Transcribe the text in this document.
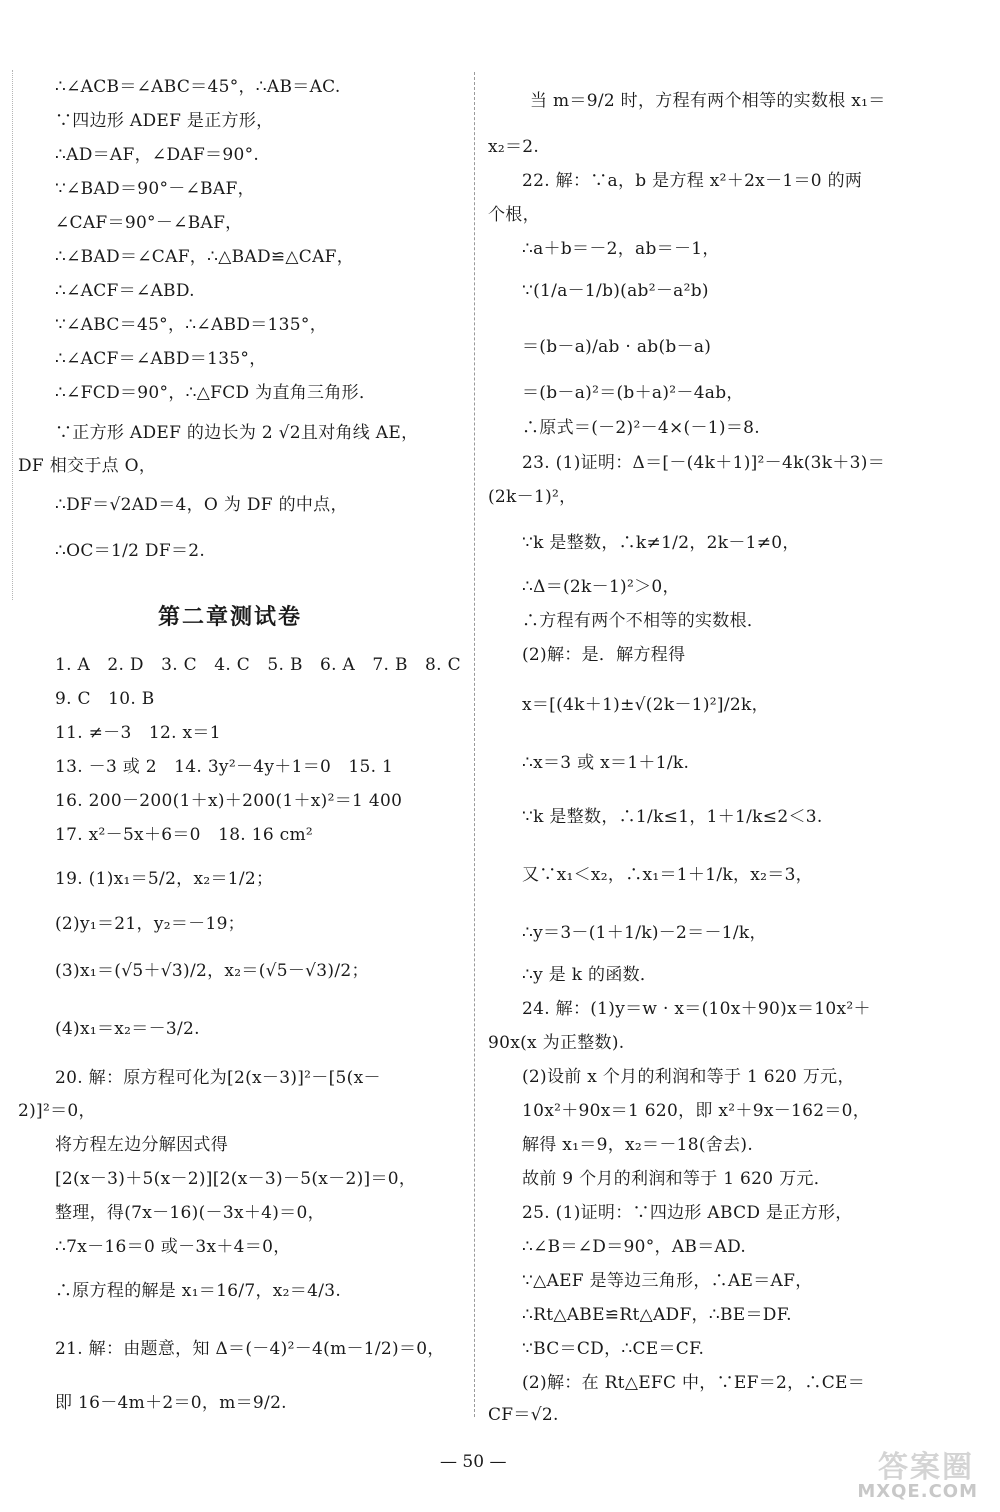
∴∠ACB＝∠ABC＝45°，∴AB＝AC.
∵四边形 ADEF 是正方形，
∴AD＝AF，∠DAF＝90°.
∵∠BAD＝90°－∠BAF，
∠CAF＝90°－∠BAF，
∴∠BAD＝∠CAF，∴△BAD≌△CAF，
∴∠ACF＝∠ABD.
∵∠ABC＝45°，∴∠ABD＝135°，
∴∠ACF＝∠ABD＝135°，
∴∠FCD＝90°，∴△FCD 为直角三角形．
∵正方形 ADEF 的边长为 2 √2且对角线 AE，
DF 相交于点 O，
∴DF＝√2AD＝4，O 为 DF 的中点，
∴OC＝1/2 DF＝2.
第二章测试卷
1. A　2. D　3. C　4. C　5. B　6. A　7. B　8. C
9. C　10. B
11. ≠－3　12. x＝1
13. －3 或 2　14. 3y²－4y＋1＝0　15. 1
16. 200－200(1＋x)＋200(1＋x)²＝1 400
17. x²－5x＋6＝0　18. 16 cm²
19. (1)x₁＝5/2，x₂＝1/2；
(2)y₁＝21，y₂＝－19；
(3)x₁＝(√5＋√3)/2，x₂＝(√5－√3)/2；
(4)x₁＝x₂＝－3/2.
20. 解：原方程可化为[2(x－3)]²－[5(x－
2)]²＝0，
将方程左边分解因式得
[2(x－3)＋5(x－2)][2(x－3)－5(x－2)]＝0，
整理，得(7x－16)(－3x＋4)＝0，
∴7x－16＝0 或－3x＋4＝0，
∴原方程的解是 x₁＝16/7，x₂＝4/3.
21. 解：由题意，知 Δ＝(－4)²－4(m－1/2)＝0，
即 16－4m＋2＝0，m＝9/2.
当 m＝9/2 时，方程有两个相等的实数根 x₁＝
x₂＝2.
22. 解：∵a，b 是方程 x²＋2x－1＝0 的两
个根，
∴a＋b＝－2，ab＝－1，
∵(1/a－1/b)(ab²－a²b)
＝(b－a)/ab · ab(b－a)
＝(b－a)²＝(b＋a)²－4ab，
∴原式＝(－2)²－4×(－1)＝8.
23. (1)证明：Δ＝[－(4k＋1)]²－4k(3k＋3)＝
(2k－1)²，
∵k 是整数，∴k≠1/2，2k－1≠0，
∴Δ＝(2k－1)²＞0，
∴方程有两个不相等的实数根．
(2)解：是．解方程得
x＝[(4k＋1)±√(2k－1)²]/2k，
∴x＝3 或 x＝1＋1/k.
∵k 是整数，∴1/k≤1，1＋1/k≤2＜3.
又∵x₁＜x₂，∴x₁＝1＋1/k，x₂＝3，
∴y＝3－(1＋1/k)－2＝－1/k，
∴y 是 k 的函数．
24. 解：(1)y＝w · x＝(10x＋90)x＝10x²＋
90x(x 为正整数).
(2)设前 x 个月的利润和等于 1 620 万元，
10x²＋90x＝1 620，即 x²＋9x－162＝0，
解得 x₁＝9，x₂＝－18(舍去).
故前 9 个月的利润和等于 1 620 万元．
25. (1)证明：∵四边形 ABCD 是正方形，
∴∠B＝∠D＝90°，AB＝AD.
∵△AEF 是等边三角形，∴AE＝AF，
∴Rt△ABE≌Rt△ADF，∴BE＝DF.
∵BC＝CD，∴CE＝CF.
(2)解：在 Rt△EFC 中，∵EF＝2，∴CE＝
CF＝√2.
— 50 —	答案圈
MXQE.COM
